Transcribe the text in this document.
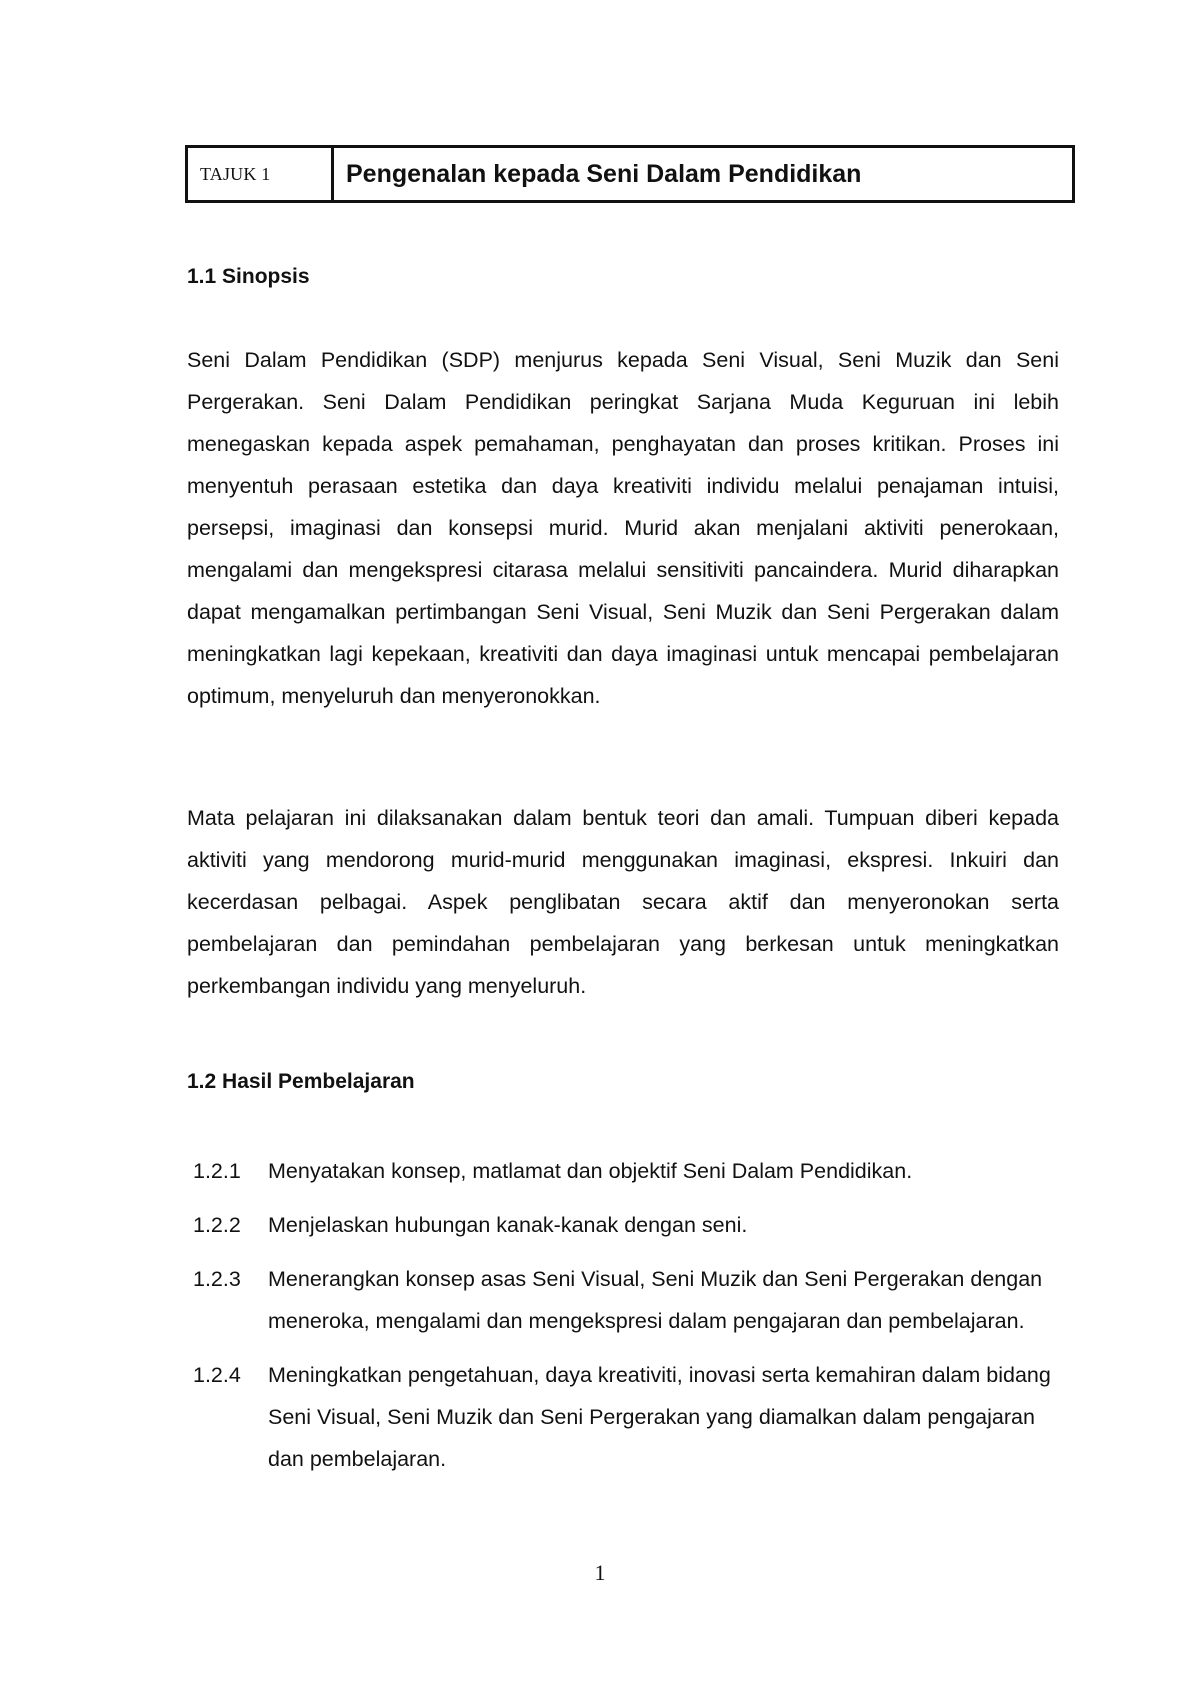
TAJUK 1	Pengenalan kepada Seni Dalam Pendidikan
1.1 Sinopsis

Seni Dalam Pendidikan (SDP) menjurus kepada Seni Visual, Seni Muzik dan Seni Pergerakan. Seni Dalam Pendidikan peringkat Sarjana Muda Keguruan ini lebih menegaskan kepada aspek pemahaman, penghayatan dan proses kritikan. Proses ini menyentuh perasaan estetika dan daya kreativiti individu melalui penajaman intuisi, persepsi, imaginasi dan konsepsi murid. Murid akan menjalani aktiviti penerokaan, mengalami dan mengekspresi citarasa melalui sensitiviti pancaindera. Murid diharapkan dapat mengamalkan pertimbangan Seni Visual, Seni Muzik dan Seni Pergerakan dalam meningkatkan lagi kepekaan, kreativiti dan daya imaginasi untuk mencapai pembelajaran optimum, menyeluruh dan menyeronokkan.

Mata pelajaran ini dilaksanakan dalam bentuk teori dan amali. Tumpuan diberi kepada aktiviti yang mendorong murid-murid menggunakan imaginasi, ekspresi. Inkuiri dan kecerdasan pelbagai. Aspek penglibatan secara aktif dan menyeronokan serta pembelajaran dan pemindahan pembelajaran yang berkesan untuk meningkatkan perkembangan individu yang menyeluruh.

1.2 Hasil Pembelajaran
1.2.1	Menyatakan konsep, matlamat dan objektif Seni Dalam Pendidikan.
1.2.2	Menjelaskan hubungan kanak-kanak dengan seni.
1.2.3	Menerangkan konsep asas Seni Visual, Seni Muzik dan Seni Pergerakan dengan meneroka, mengalami dan mengekspresi dalam pengajaran dan pembelajaran.
1.2.4	Meningkatkan pengetahuan, daya kreativiti, inovasi serta kemahiran dalam bidang Seni Visual, Seni Muzik dan Seni Pergerakan yang diamalkan dalam pengajaran dan pembelajaran.
1
